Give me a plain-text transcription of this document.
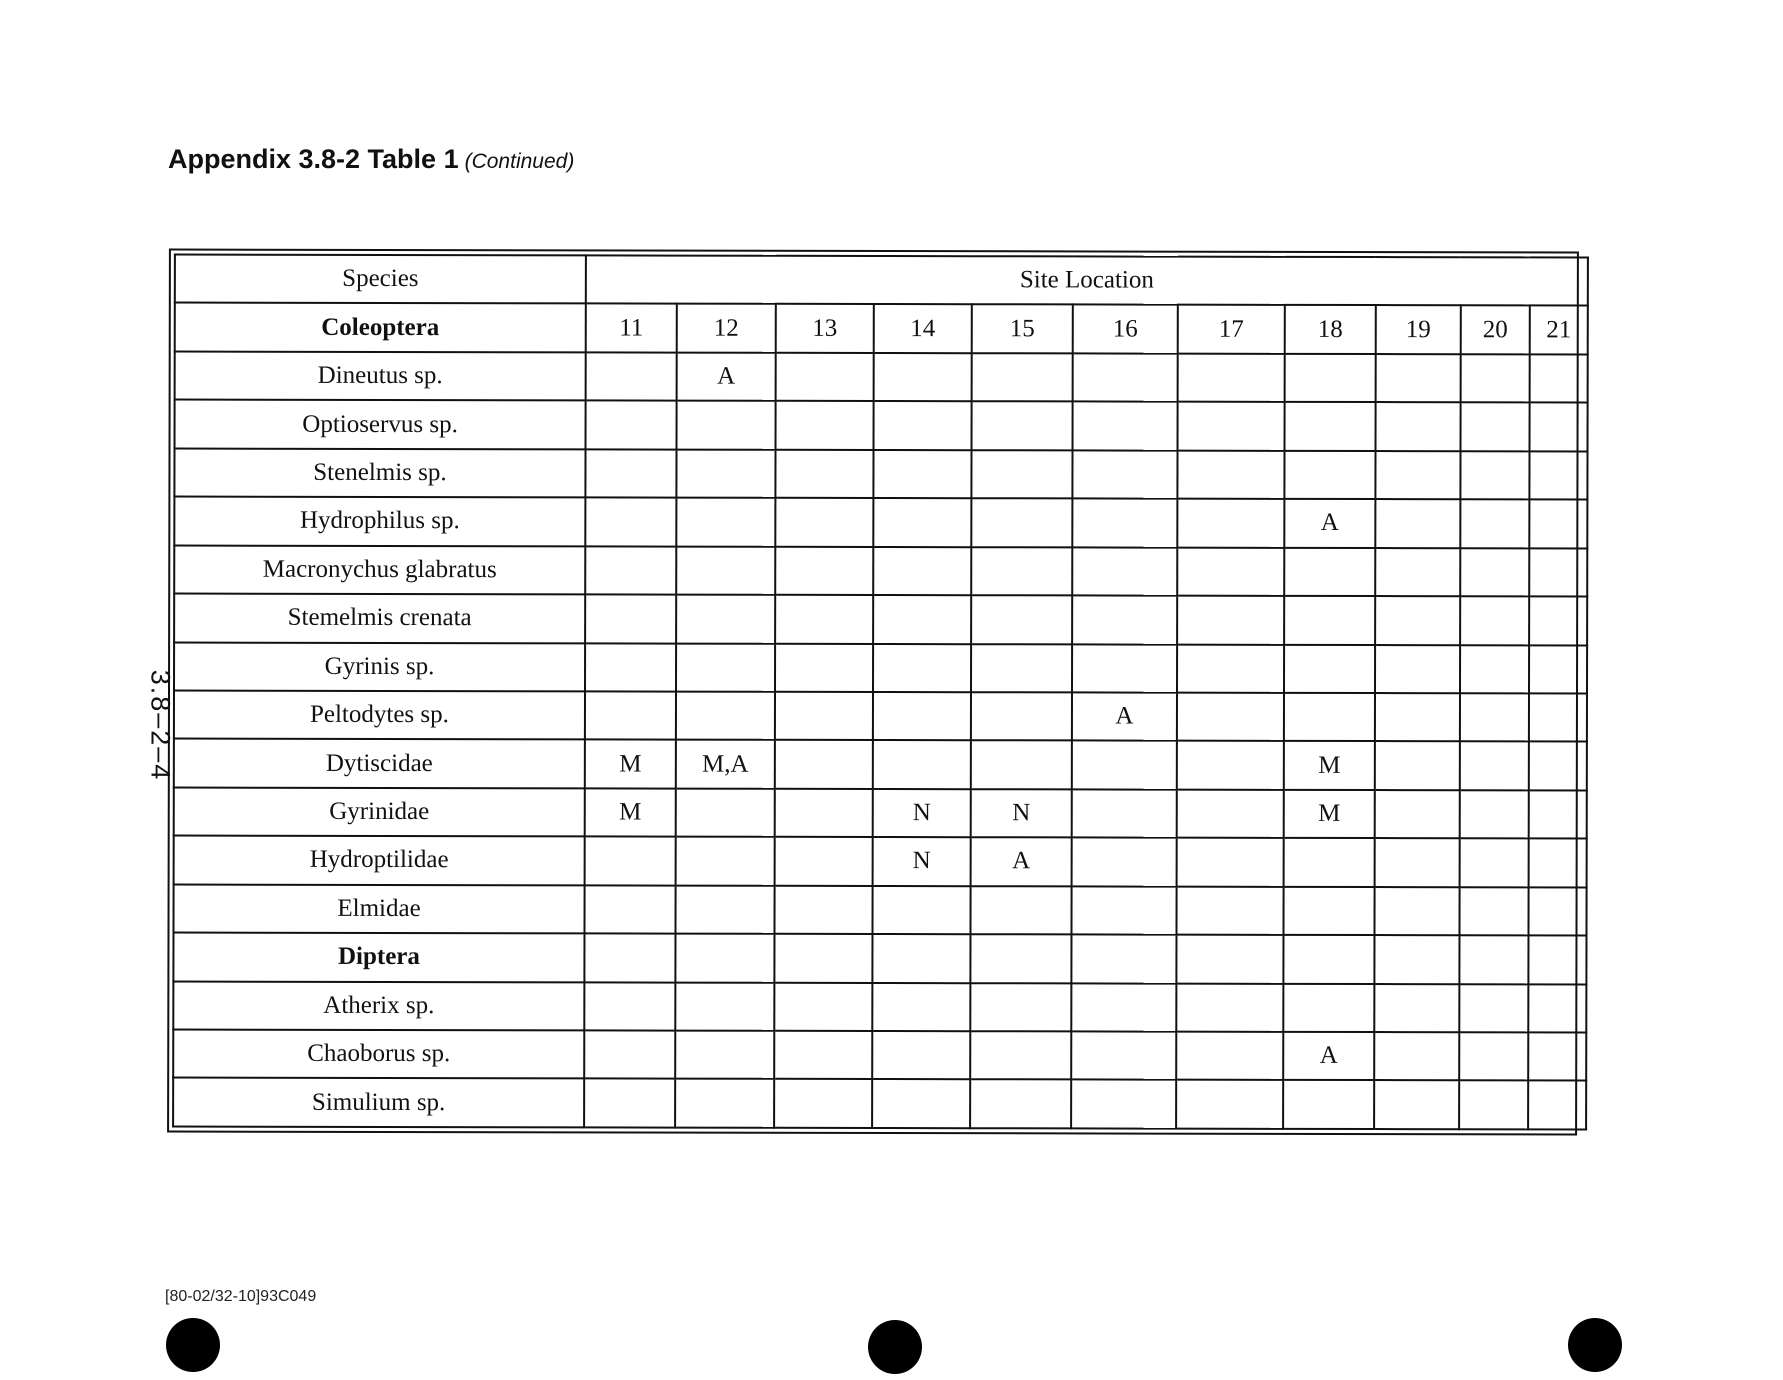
Appendix 3.8-2 Table 1 (Continued)
3.8–2–4
Species	Site Location										
Coleoptera	11	12	13	14	15	16	17	18	19	20	21
Dineutus sp.		A									
Optioservus sp.											
Stenelmis sp.											
Hydrophilus sp.								A			
Macronychus glabratus											
Stemelmis crenata											
Gyrinis sp.											
Peltodytes sp.						A					
Dytiscidae	M	M,A						M			
Gyrinidae	M			N	N			M			
Hydroptilidae				N	A						
Elmidae											
Diptera											
Atherix sp.											
Chaoborus sp.								A			
Simulium sp.											
[80-02/32-10]93C049
